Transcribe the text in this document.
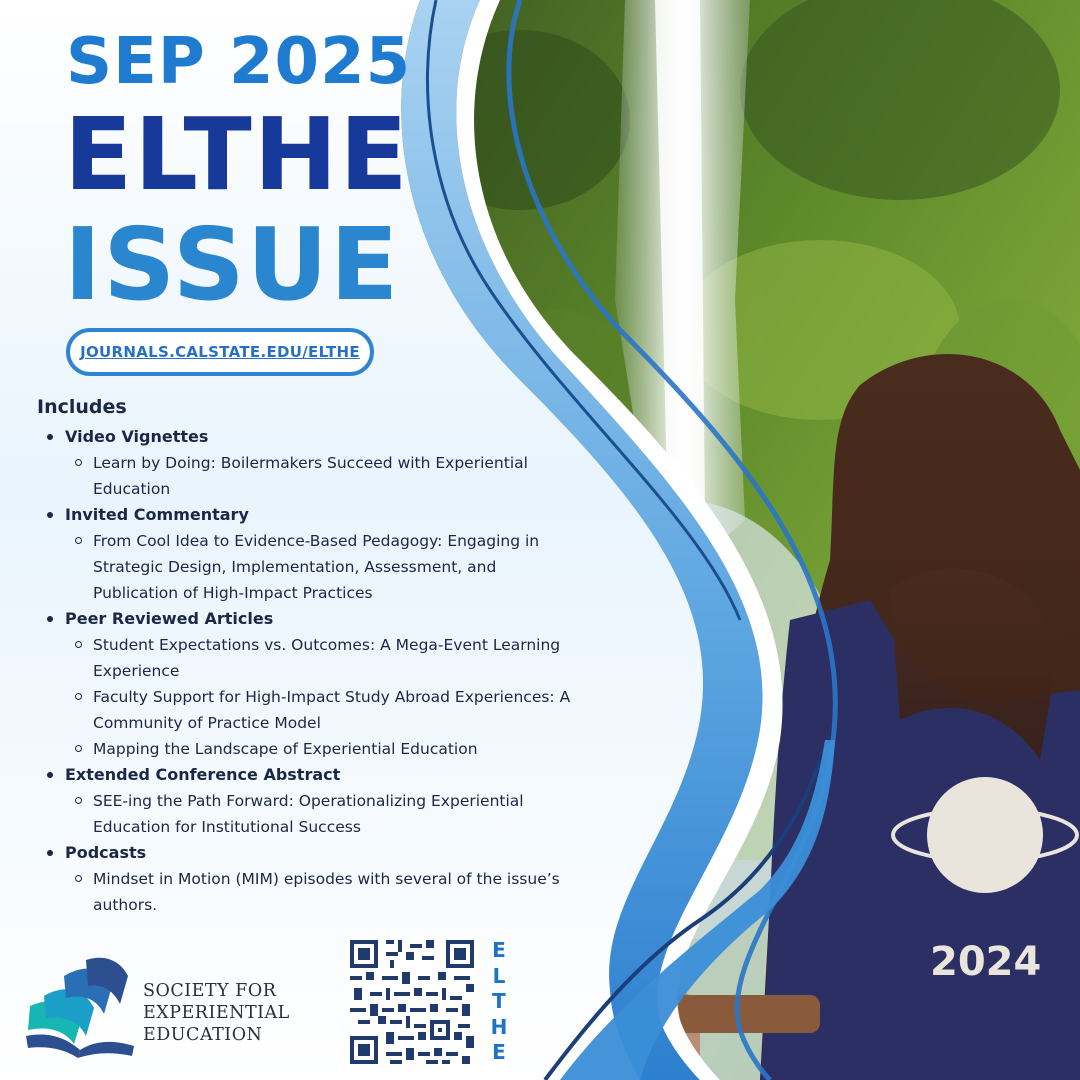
2024
SEP 2025
ELTHE
ISSUE
JOURNALS.CALSTATE.EDU/ELTHE
Includes
Video Vignettes
Learn by Doing: Boilermakers Succeed with Experiential Education
Invited Commentary
From Cool Idea to Evidence-Based Pedagogy: Engaging in Strategic Design, Implementation, Assessment, and Publication of High-Impact Practices
Peer Reviewed Articles
Student Expectations vs. Outcomes: A Mega-Event Learning Experience
Faculty Support for High-Impact Study Abroad Experiences: A Community of Practice Model
Mapping the Landscape of Experiential Education
Extended Conference Abstract
SEE-ing the Path Forward: Operationalizing Experiential Education for Institutional Success
Podcasts
Mindset in Motion (MIM) episodes with several of the issue’s authors.
SOCIETY FOR
EXPERIENTIAL
EDUCATION
E
L
T
H
E
